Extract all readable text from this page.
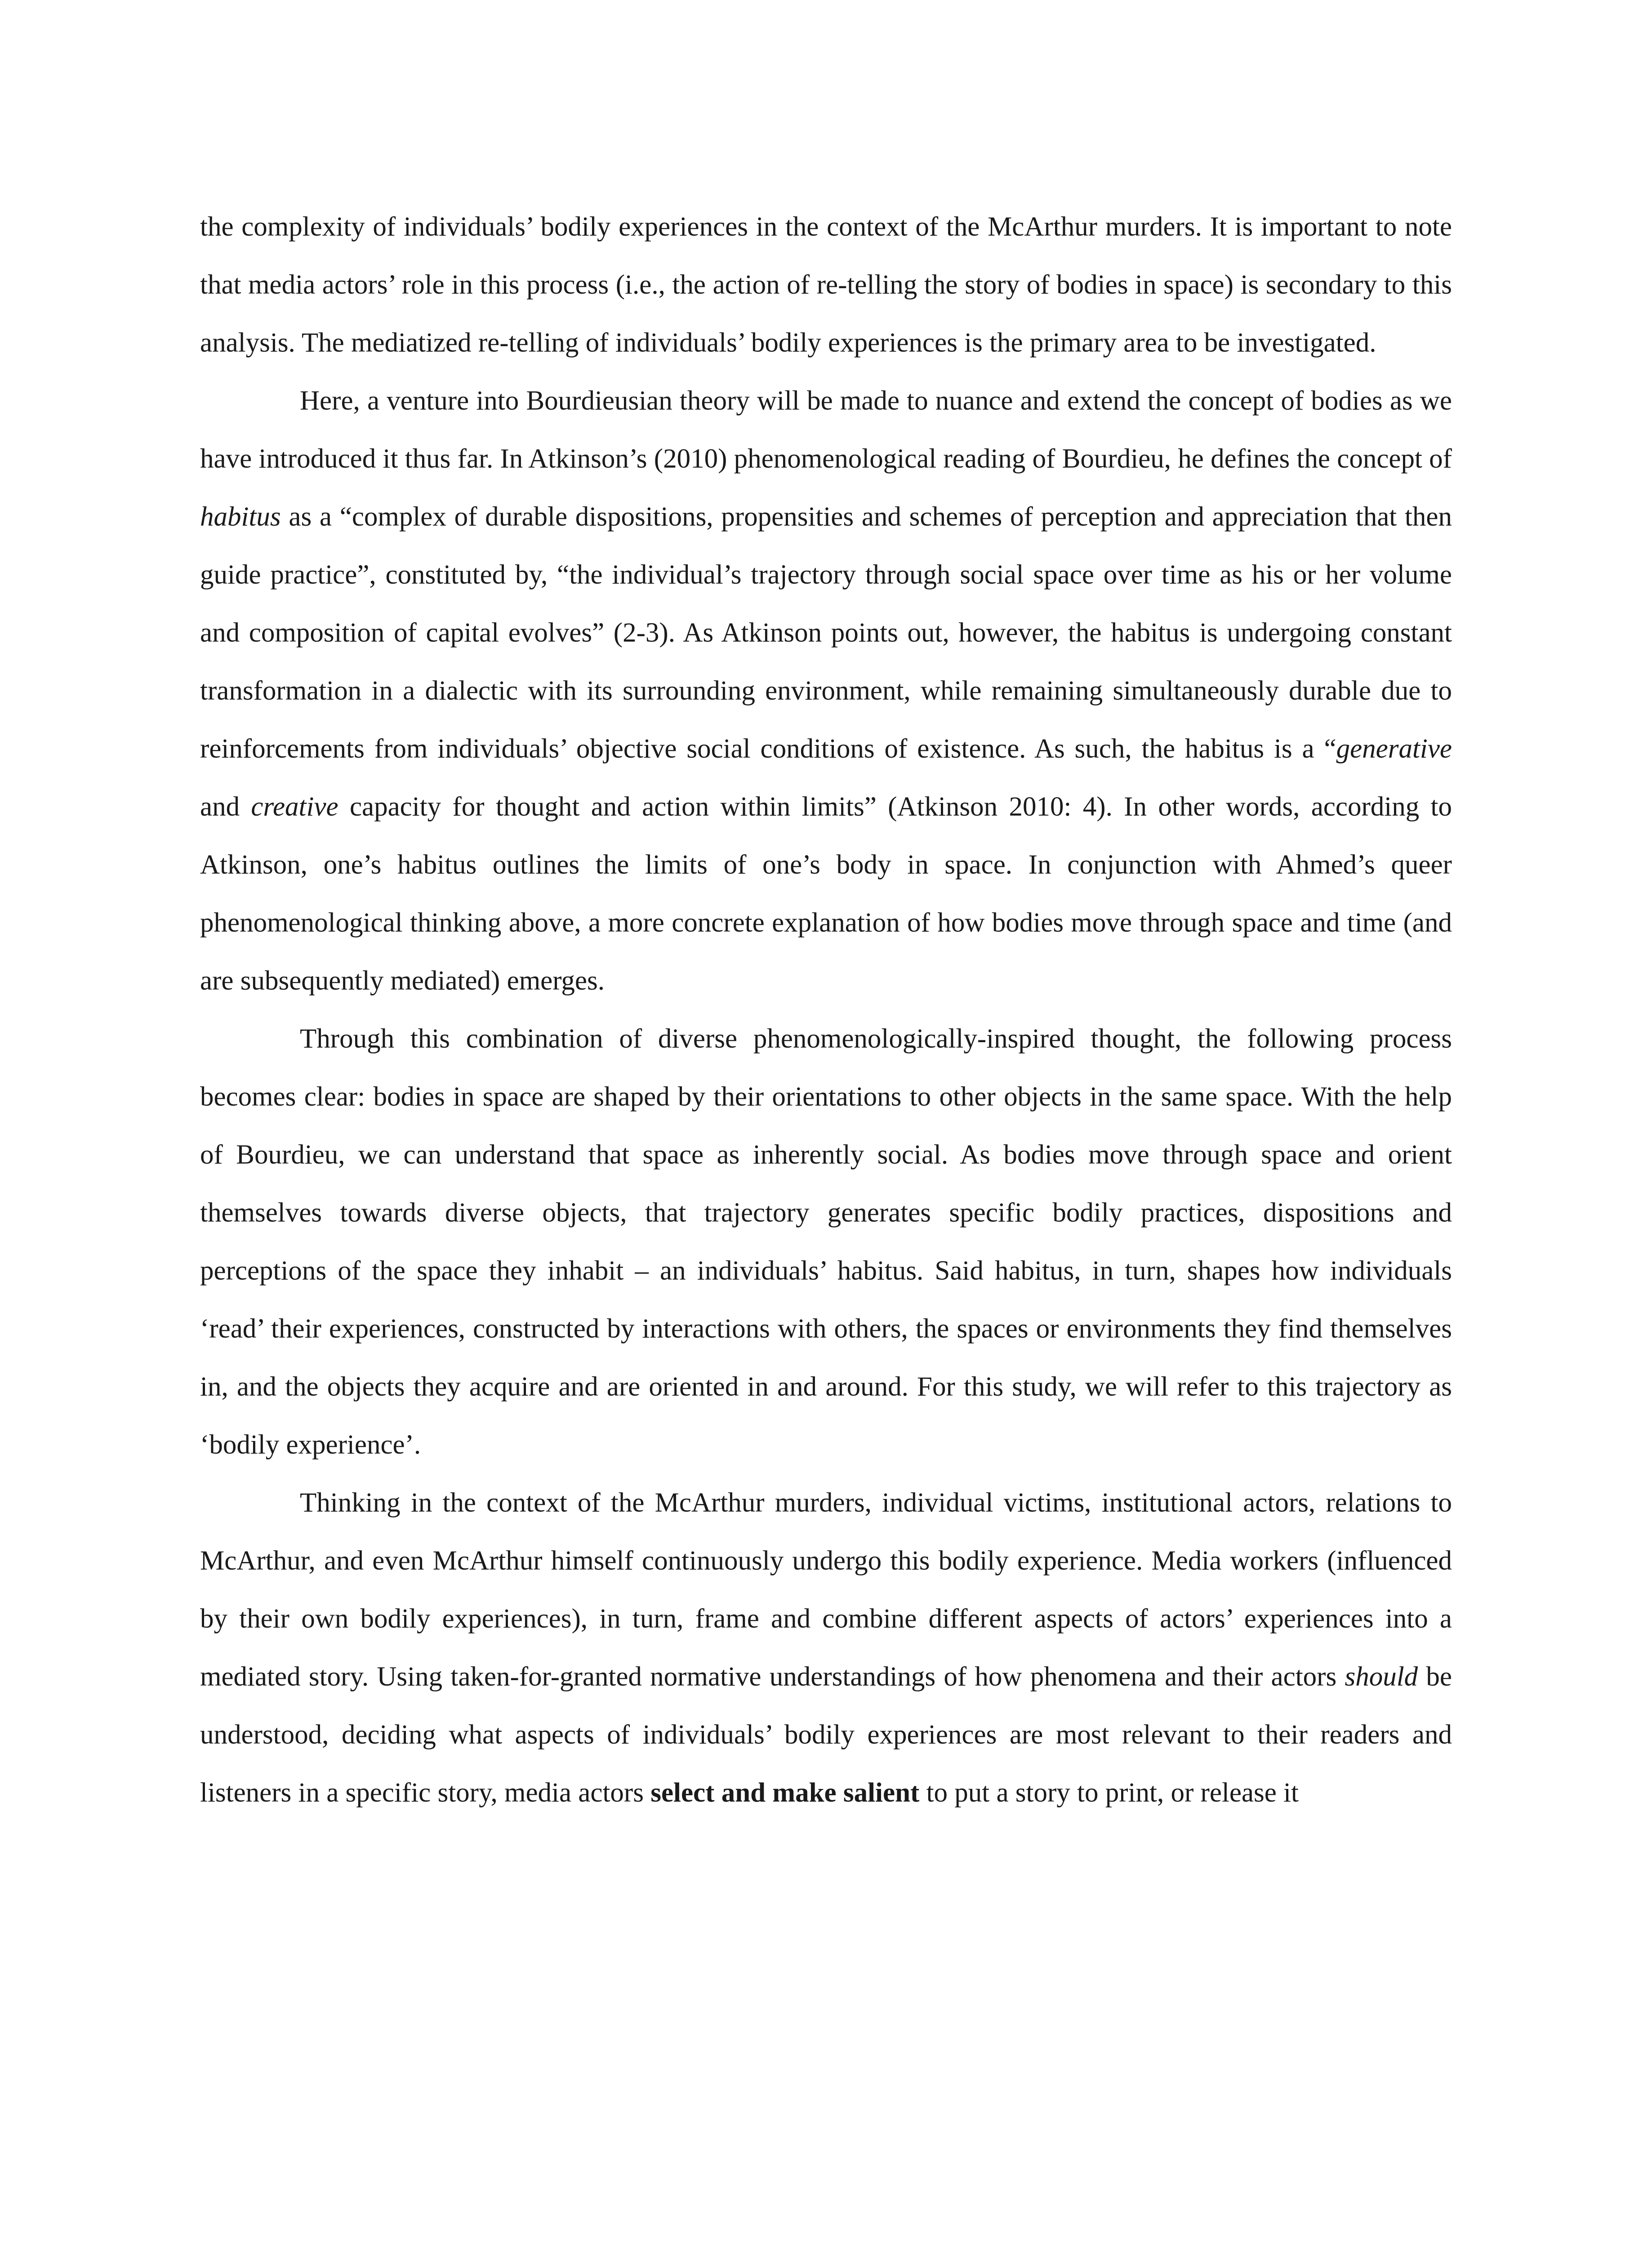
the complexity of individuals’ bodily experiences in the context of the McArthur murders. It is important to note that media actors’ role in this process (i.e., the action of re-telling the story of bodies in space) is secondary to this analysis. The mediatized re-telling of individuals’ bodily experiences is the primary area to be investigated.

Here, a venture into Bourdieusian theory will be made to nuance and extend the concept of bodies as we have introduced it thus far. In Atkinson’s (2010) phenomenological reading of Bourdieu, he defines the concept of habitus as a “complex of durable dispositions, propensities and schemes of perception and appreciation that then guide practice”, constituted by, “the individual’s trajectory through social space over time as his or her volume and composition of capital evolves” (2-3). As Atkinson points out, however, the habitus is undergoing constant transformation in a dialectic with its surrounding environment, while remaining simultaneously durable due to reinforcements from individuals’ objective social conditions of existence. As such, the habitus is a “generative and creative capacity for thought and action within limits” (Atkinson 2010: 4). In other words, according to Atkinson, one’s habitus outlines the limits of one’s body in space. In conjunction with Ahmed’s queer phenomenological thinking above, a more concrete explanation of how bodies move through space and time (and are subsequently mediated) emerges.

Through this combination of diverse phenomenologically-inspired thought, the following process becomes clear: bodies in space are shaped by their orientations to other objects in the same space. With the help of Bourdieu, we can understand that space as inherently social. As bodies move through space and orient themselves towards diverse objects, that trajectory generates specific bodily practices, dispositions and perceptions of the space they inhabit – an individuals’ habitus. Said habitus, in turn, shapes how individuals ‘read’ their experiences, constructed by interactions with others, the spaces or environments they find themselves in, and the objects they acquire and are oriented in and around. For this study, we will refer to this trajectory as ‘bodily experience’.

Thinking in the context of the McArthur murders, individual victims, institutional actors, relations to McArthur, and even McArthur himself continuously undergo this bodily experience. Media workers (influenced by their own bodily experiences), in turn, frame and combine different aspects of actors’ experiences into a mediated story. Using taken-for-granted normative understandings of how phenomena and their actors should be understood, deciding what aspects of individuals’ bodily experiences are most relevant to their readers and listeners in a specific story, media actors select and make salient to put a story to print, or release it
